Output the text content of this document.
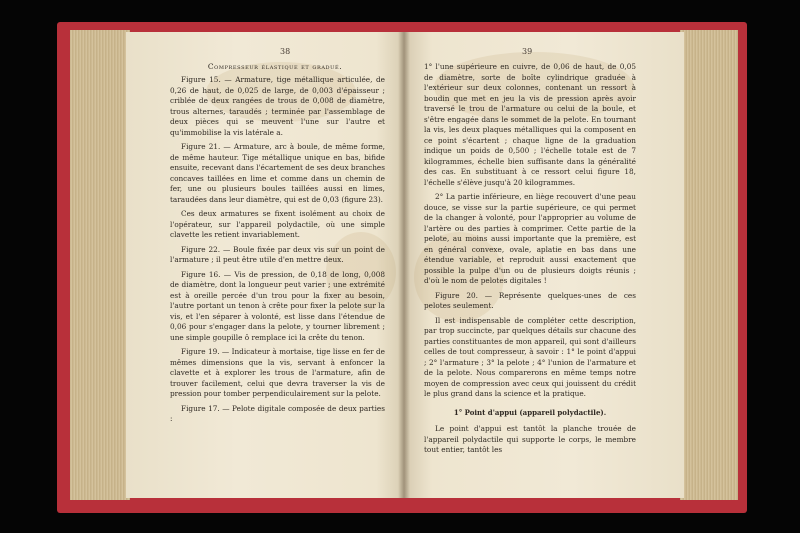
38
Compresseur élastique et gradué.

Figure 15. — Armature, tige métallique articulée, de 0,26 de haut, de 0,025 de large, de 0,003 d'épaisseur ; criblée de deux rangées de trous de 0,008 de diamètre, trous alternes, taraudés ; terminée par l'assemblage de deux pièces qui se meuvent l'une sur l'autre et qu'immobilise la vis latérale a.

Figure 21. — Armature, arc à boule, de même forme, de même hauteur. Tige métallique unique en bas, bifide ensuite, recevant dans l'écartement de ses deux branches concaves taillées en lime et comme dans un chemin de fer, une ou plusieurs boules taillées aussi en limes, taraudées dans leur diamètre, qui est de 0,03 (figure 23).

Ces deux armatures se fixent isolément au choix de l'opérateur, sur l'appareil polydactile, où une simple clavette les retient invariablement.

Figure 22. — Boule fixée par deux vis sur un point de l'armature ; il peut être utile d'en mettre deux.

Figure 16. — Vis de pression, de 0,18 de long, 0,008 de diamètre, dont la longueur peut varier ; une extrémité est à oreille percée d'un trou pour la fixer au besoin, l'autre portant un tenon à crête pour fixer la pelote sur la vis, et l'en séparer à volonté, est lisse dans l'étendue de 0,06 pour s'engager dans la pelote, y tourner librement ; une simple goupille ô remplace ici la crête du tenon.

Figure 19. — Indicateur à mortaise, tige lisse en fer de mêmes dimensions que la vis, servant à enfoncer la clavette et à explorer les trous de l'armature, afin de trouver facilement, celui que devra traverser la vis de pression pour tomber perpendiculairement sur la pelote.

Figure 17. — Pelote digitale composée de deux parties :

39

1° l'une supérieure en cuivre, de 0,06 de haut, de 0,05 de diamètre, sorte de boîte cylindrique graduée à l'extérieur sur deux colonnes, contenant un ressort à boudin que met en jeu la vis de pression après avoir traversé le trou de l'armature ou celui de la boule, et s'être engagée dans le sommet de la pelote. En tournant la vis, les deux plaques métalliques qui la composent en ce point s'écartent ; chaque ligne de la graduation indique un poids de 0,500 ; l'échelle totale est de 7 kilogrammes, échelle bien suffisante dans la généralité des cas. En substituant à ce ressort celui figure 18, l'échelle s'élève jusqu'à 20 kilogrammes.

2° La partie inférieure, en liège recouvert d'une peau douce, se visse sur la partie supérieure, ce qui permet de la changer à volonté, pour l'approprier au volume de l'artère ou des parties à comprimer. Cette partie de la pelote, au moins aussi importante que la première, est en général convexe, ovale, aplatie en bas dans une étendue variable, et reproduit aussi exactement que possible la pulpe d'un ou de plusieurs doigts réunis ; d'où le nom de pelotes digitales !

Figure 20. — Représente quelques-unes de ces pelotes seulement.

Il est indispensable de compléter cette description, par trop succincte, par quelques détails sur chacune des parties constituantes de mon appareil, qui sont d'ailleurs celles de tout compresseur, à savoir : 1° le point d'appui ; 2° l'armature ; 3° la pelote ; 4° l'union de l'armature et de la pelote. Nous comparerons en même temps notre moyen de compression avec ceux qui jouissent du crédit le plus grand dans la science et la pratique.

1° Point d'appui (appareil polydactile).

Le point d'appui est tantôt la planche trouée de l'appareil polydactile qui supporte le corps, le membre tout entier, tantôt les
